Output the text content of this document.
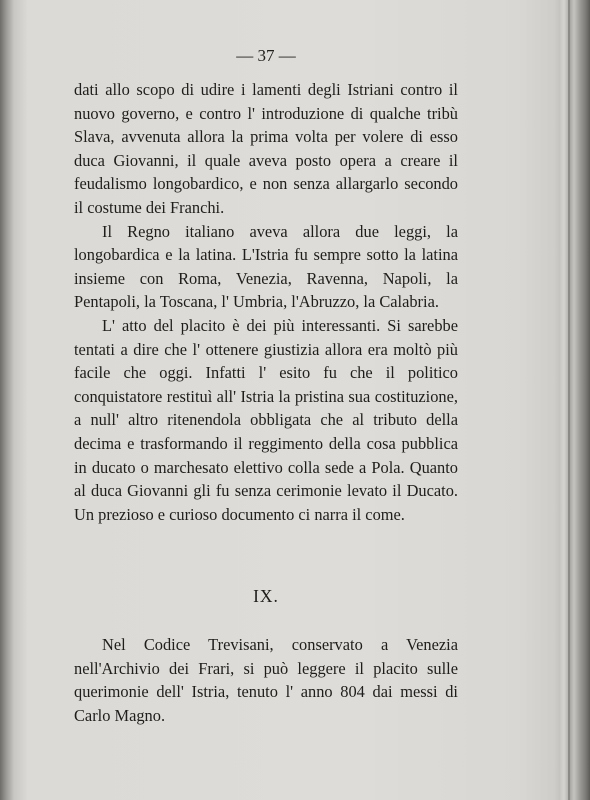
— 37 —

dati allo scopo di udire i lamenti degli Istriani contro il nuovo governo, e contro l' introduzione di qualche tribù Slava, avvenuta allora la prima volta per volere di esso duca Giovanni, il quale aveva posto opera a creare il feudalismo longobardico, e non senza allargarlo secondo il costume dei Franchi.

Il Regno italiano aveva allora due leggi, la longobardica e la latina. L'Istria fu sempre sotto la latina insieme con Roma, Venezia, Ravenna, Napoli, la Pentapoli, la Toscana, l' Umbria, l'Abruzzo, la Calabria.

L' atto del placito è dei più interessanti. Si sarebbe tentati a dire che l' ottenere giustizia allora era moltò più facile che oggi. Infatti l' esito fu che il politico conquistatore restituì all' Istria la pristina sua costituzione, a null' altro ritenendola obbligata che al tributo della decima e trasformando il reggimento della cosa pubblica in ducato o marchesato elettivo colla sede a Pola. Quanto al duca Giovanni gli fu senza cerimonie levato il Ducato. Un prezioso e curioso documento ci narra il come.

IX.

Nel Codice Trevisani, conservato a Venezia nell'Archivio dei Frari, si può leggere il placito sulle querimonie dell' Istria, tenuto l' anno 804 dai messi di Carlo Magno.
